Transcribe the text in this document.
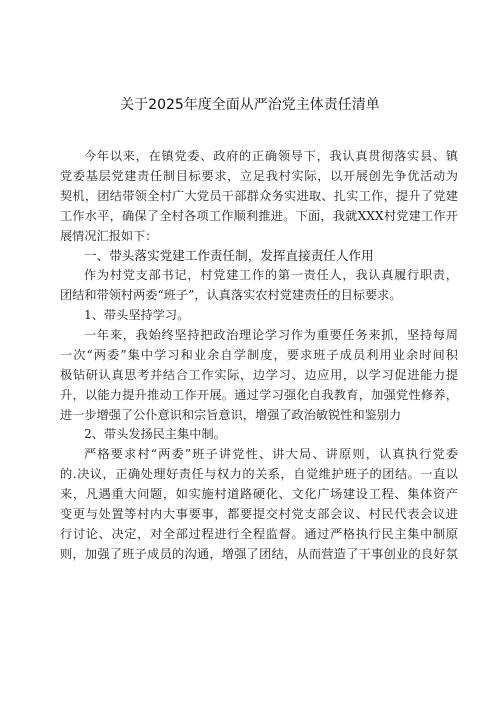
关于2025年度全面从严治党主体责任清单
今年以来，在镇党委、政府的正确领导下，我认真贯彻落实县、镇
党委基层党建责任制目标要求，立足我村实际，以开展创先争优活动为
契机，团结带领全村广大党员干部群众务实进取、扎实工作，提升了党建
工作水平，确保了全村各项工作顺利推进。下面，我就XXX村党建工作开
展情况汇报如下：
一、带头落实党建工作责任制，发挥直接责任人作用
作为村党支部书记，村党建工作的第一责任人，我认真履行职责，
团结和带领村两委“班子”，认真落实农村党建责任的目标要求。
1、带头坚持学习。
一年来，我始终坚持把政治理论学习作为重要任务来抓，坚持每周
一次“两委”集中学习和业余自学制度，要求班子成员利用业余时间积
极钻研认真思考并结合工作实际，边学习、边应用，以学习促进能力提
升，以能力提升推动工作开展。通过学习强化自我教育，加强党性修养，
进一步增强了公仆意识和宗旨意识，增强了政治敏锐性和鉴别力
2、带头发扬民主集中制。
严格要求村“两委”班子讲党性、讲大局、讲原则，认真执行党委
的.决议，正确处理好责任与权力的关系，自觉维护班子的团结。一直以
来，凡遇重大问题，如实施村道路硬化、文化广场建设工程、集体资产
变更与处置等村内大事要事，都要提交村党支部会议、村民代表会议进
行讨论、决定，对全部过程进行全程监督。通过严格执行民主集中制原
则，加强了班子成员的沟通，增强了团结，从而营造了干事创业的良好氛
